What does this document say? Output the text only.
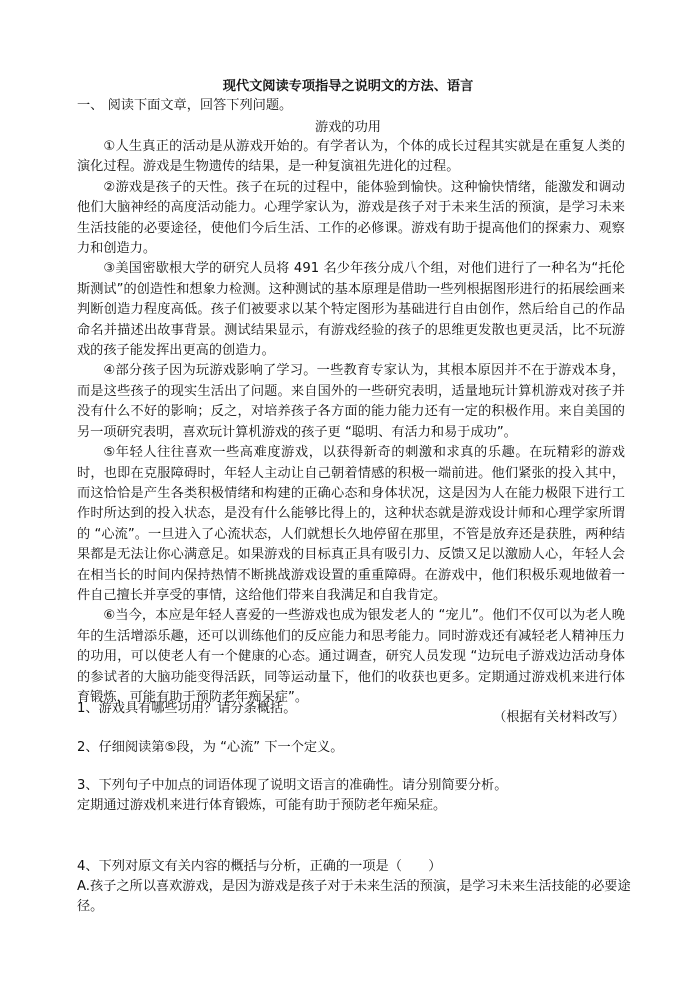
现代文阅读专项指导之说明文的方法、语言
一、 阅读下面文章，回答下列问题。
游戏的功用

①人生真正的活动是从游戏开始的。有学者认为，个体的成长过程其实就是在重复人类的演化过程。游戏是生物遗传的结果，是一种复演祖先进化的过程。

②游戏是孩子的天性。孩子在玩的过程中，能体验到愉快。这种愉快情绪，能激发和调动他们大脑神经的高度活动能力。心理学家认为，游戏是孩子对于未来生活的预演，是学习未来生活技能的必要途径，使他们今后生活、工作的必修课。游戏有助于提高他们的探索力、观察力和创造力。

③美国密歇根大学的研究人员将 491 名少年孩分成八个组，对他们进行了一种名为“托伦斯测试”的创造性和想象力检测。这种测试的基本原理是借助一些列根据图形进行的拓展绘画来判断创造力程度高低。孩子们被要求以某个特定图形为基础进行自由创作，然后给自己的作品命名并描述出故事背景。测试结果显示，有游戏经验的孩子的思维更发散也更灵活，比不玩游戏的孩子能发挥出更高的创造力。

④部分孩子因为玩游戏影响了学习。一些教育专家认为，其根本原因并不在于游戏本身，而是这些孩子的现实生活出了问题。来自国外的一些研究表明，适量地玩计算机游戏对孩子并没有什么不好的影响；反之，对培养孩子各方面的能力能力还有一定的积极作用。来自美国的另一项研究表明，喜欢玩计算机游戏的孩子更 “聪明、有活力和易于成功”。

⑤年轻人往往喜欢一些高难度游戏，以获得新奇的刺激和求真的乐趣。在玩精彩的游戏时，也即在克服障碍时，年轻人主动让自己朝着情感的积极一端前进。他们紧张的投入其中，而这恰恰是产生各类积极情绪和构建的正确心态和身体状况，这是因为人在能力极限下进行工作时所达到的投入状态，是没有什么能够比得上的，这种状态就是游戏设计师和心理学家所谓的 “心流”。一旦进入了心流状态，人们就想长久地停留在那里，不管是放弃还是获胜，两种结果都是无法让你心满意足。如果游戏的目标真正具有吸引力、反馈又足以激励人心，年轻人会在相当长的时间内保持热情不断挑战游戏设置的重重障碍。在游戏中，他们积极乐观地做着一件自己擅长并享受的事情，这给他们带来自我满足和自我肯定。

⑥当今，本应是年轻人喜爱的一些游戏也成为银发老人的 “宠儿”。他们不仅可以为老人晚年的生活增添乐趣，还可以训练他们的反应能力和思考能力。同时游戏还有减轻老人精神压力的功用，可以使老人有一个健康的心态。通过调查，研究人员发现 “边玩电子游戏边活动身体的参试者的大脑功能变得活跃，同等运动量下，他们的收获也更多。定期通过游戏机来进行体育锻炼，可能有助于预防老年痴呆症”。

（根据有关材料改写）

1、游戏具有哪些功用？请分条概括。

2、仔细阅读第⑤段，为 “心流” 下一个定义。

3、下列句子中加点的词语体现了说明文语言的准确性。请分别简要分析。

定期通过游戏机来进行体育锻炼，可能有助于预防老年痴呆症。

4、下列对原文有关内容的概括与分析，正确的一项是（　　）

A.孩子之所以喜欢游戏，是因为游戏是孩子对于未来生活的预演，是学习未来生活技能的必要途径。
